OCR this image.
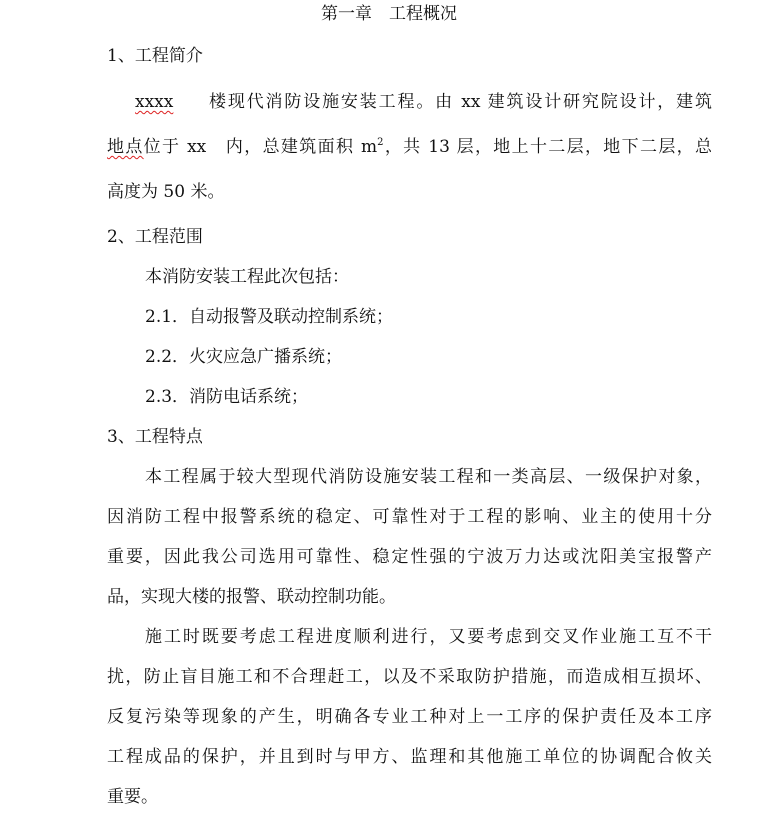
第一章　工程概况
1、工程简介
xxxx 楼现代消防设施安装工程。由 xx 建筑设计研究院设计，建筑
地点位于 xx　内，总建筑面积 $m^2$，共 13 层，地上十二层，地下二层，总
高度为 50 米。
2、工程范围
本消防安装工程此次包括：
2.1．自动报警及联动控制系统；
2.2．火灾应急广播系统；
2.3．消防电话系统；
3、工程特点
本工程属于较大型现代消防设施安装工程和一类高层、一级保护对象，
因消防工程中报警系统的稳定、可靠性对于工程的影响、业主的使用十分
重要，因此我公司选用可靠性、稳定性强的宁波万力达或沈阳美宝报警产
品，实现大楼的报警、联动控制功能。
施工时既要考虑工程进度顺利进行，又要考虑到交叉作业施工互不干
扰，防止盲目施工和不合理赶工，以及不采取防护措施，而造成相互损坏、
反复污染等现象的产生，明确各专业工种对上一工序的保护责任及本工序
工程成品的保护，并且到时与甲方、监理和其他施工单位的协调配合攸关
重要。
